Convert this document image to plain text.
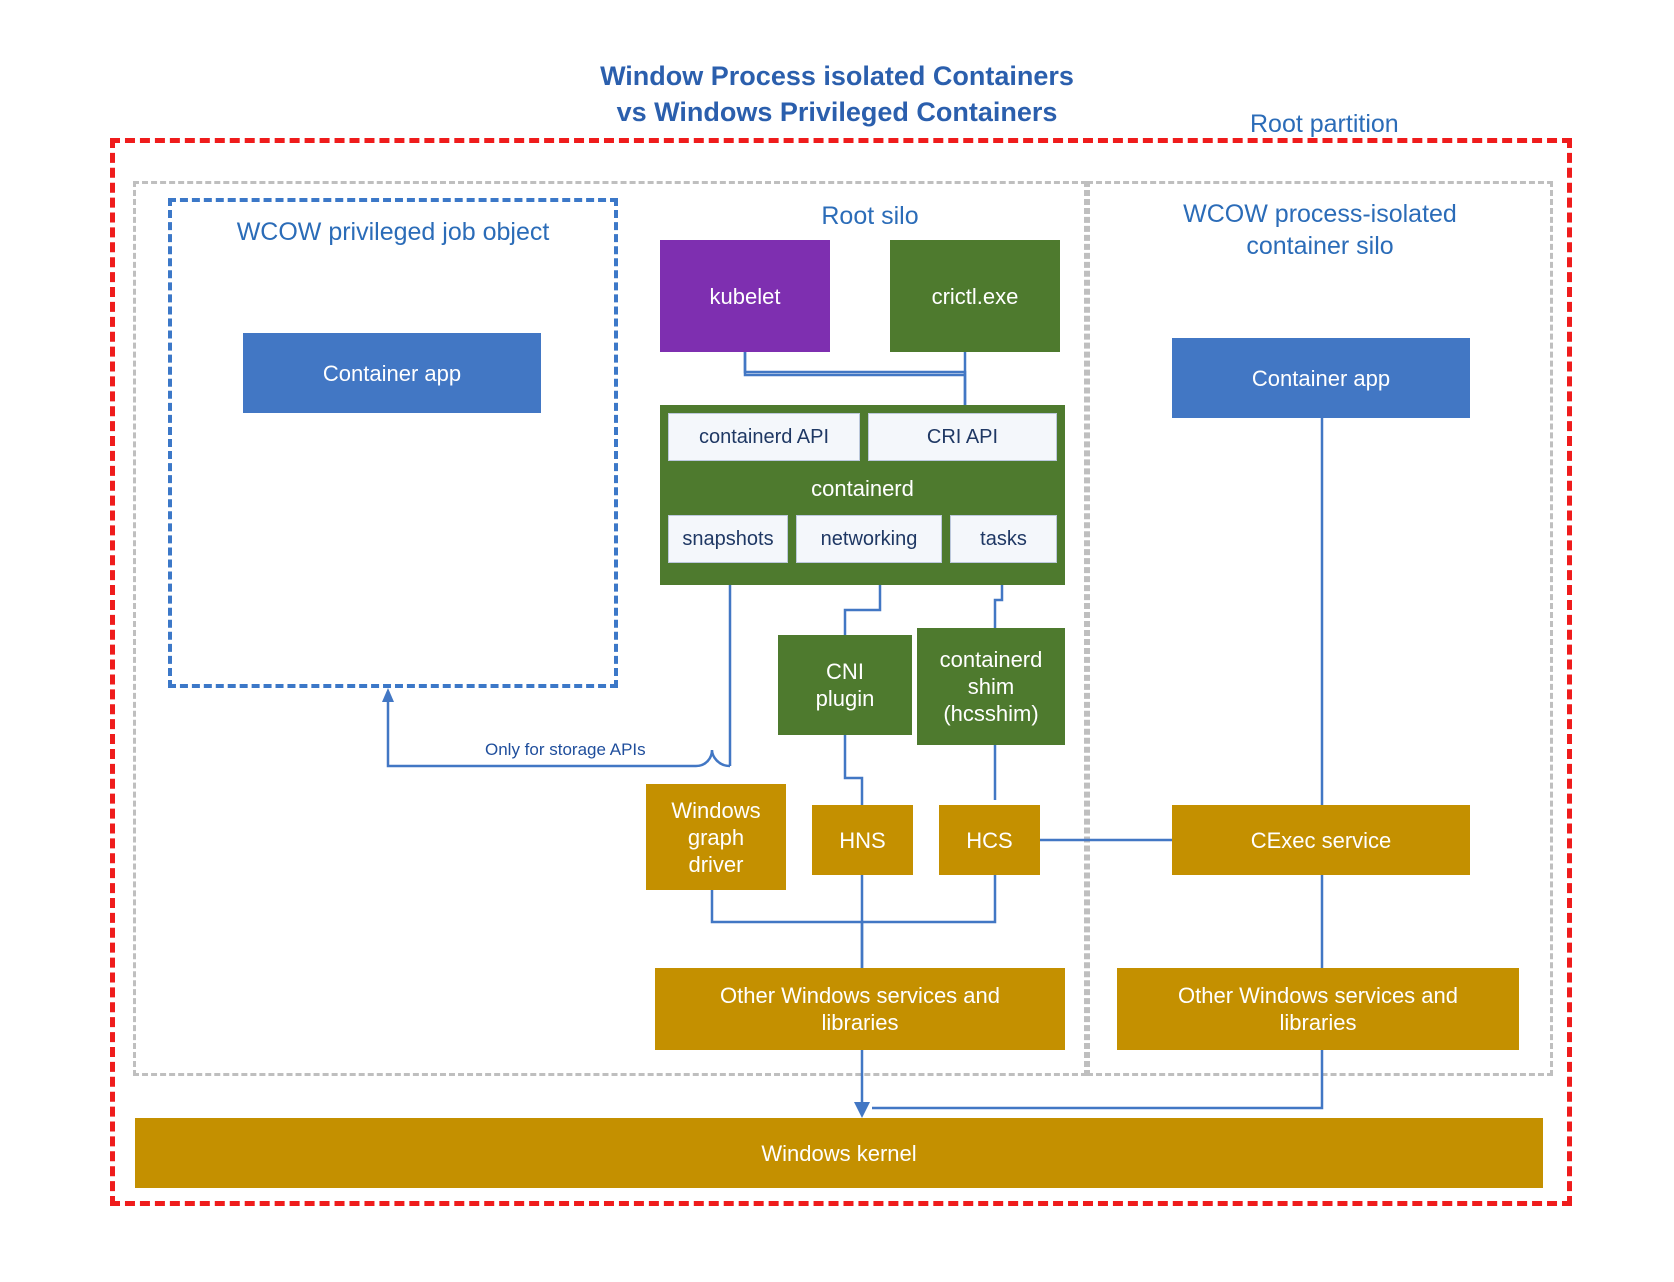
Window Process isolated Containers
vs Windows Privileged Containers	Root partition
WCOW privileged job object
Root silo	WCOW process-isolated
container silo
Container app
kubelet	crictl.exe
containerd API	CRI API
containerd
snapshots	networking	tasks
CNI
plugin
containerd
shim
(hcsshim)
Only for storage APIs
Windows
graph
driver
HNS	HCS	CExec service
Container app
Other Windows services and
libraries
Other Windows services and
libraries
Windows kernel
